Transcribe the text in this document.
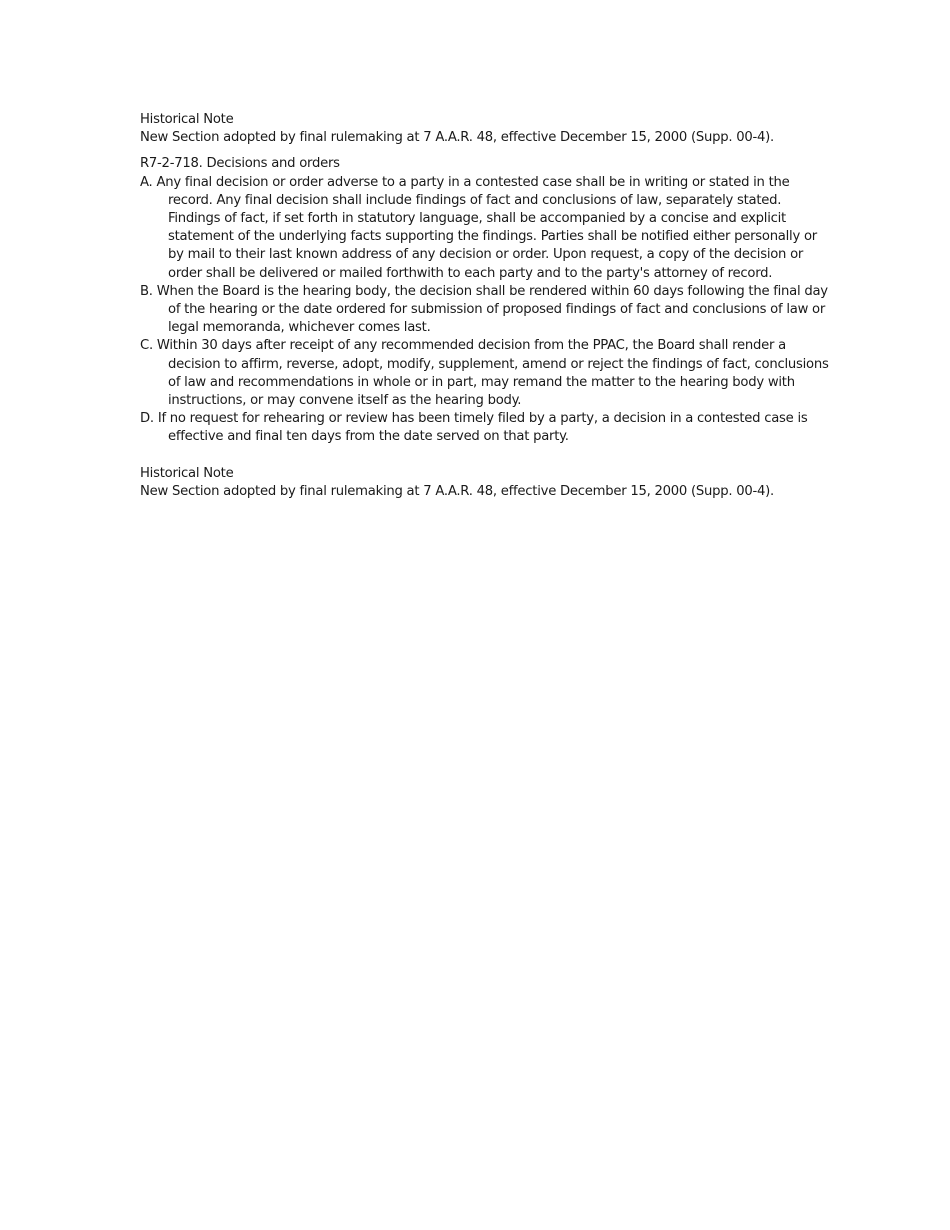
Historical Note
New Section adopted by final rulemaking at 7 A.A.R. 48, effective December 15, 2000 (Supp. 00-4).
R7-2-718. Decisions and orders
A. Any final decision or order adverse to a party in a contested case shall be in writing or stated in the record. Any final decision shall include findings of fact and conclusions of law, separately stated. Findings of fact, if set forth in statutory language, shall be accompanied by a concise and explicit statement of the underlying facts supporting the findings. Parties shall be notified either personally or by mail to their last known address of any decision or order. Upon request, a copy of the decision or order shall be delivered or mailed forthwith to each party and to the party's attorney of record.
B. When the Board is the hearing body, the decision shall be rendered within 60 days following the final day of the hearing or the date ordered for submission of proposed findings of fact and conclusions of law or legal memoranda, whichever comes last.
C. Within 30 days after receipt of any recommended decision from the PPAC, the Board shall render a decision to affirm, reverse, adopt, modify, supplement, amend or reject the findings of fact, conclusions of law and recommendations in whole or in part, may remand the matter to the hearing body with instructions, or may convene itself as the hearing body.
D. If no request for rehearing or review has been timely filed by a party, a decision in a contested case is effective and final ten days from the date served on that party.
Historical Note
New Section adopted by final rulemaking at 7 A.A.R. 48, effective December 15, 2000 (Supp. 00-4).
